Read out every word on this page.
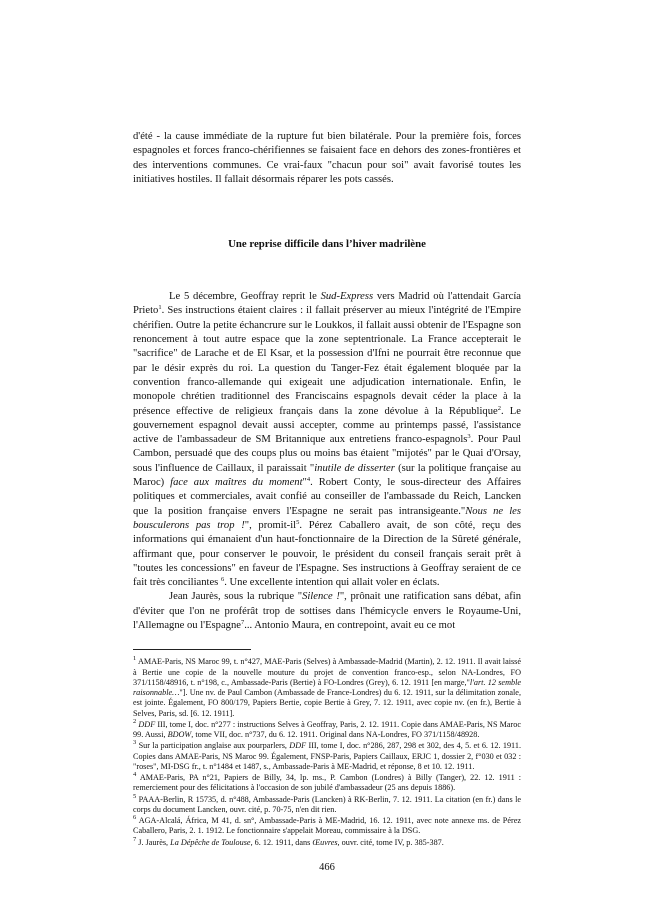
d'été - la cause immédiate de la rupture fut bien bilatérale. Pour la première fois, forces espagnoles et forces franco-chérifiennes se faisaient face en dehors des zones-frontières et des interventions communes. Ce vrai-faux "chacun pour soi" avait favorisé toutes les initiatives hostiles. Il fallait désormais réparer les pots cassés.

Une reprise difficile dans l’hiver madrilène

Le 5 décembre, Geoffray reprit le Sud-Express vers Madrid où l'attendait García Prieto$^1$. Ses instructions étaient claires : il fallait préserver au mieux l'intégrité de l'Empire chérifien. Outre la petite échancrure sur le Loukkos, il fallait aussi obtenir de l'Espagne son renoncement à tout autre espace que la zone septentrionale. La France accepterait le "sacrifice" de Larache et de El Ksar, et la possession d'Ifni ne pourrait être reconnue que par le désir exprès du roi. La question du Tanger-Fez était également bloquée par la convention franco-allemande qui exigeait une adjudication internationale. Enfin, le monopole chrétien traditionnel des Franciscains espagnols devait céder la place à la présence effective de religieux français dans la zone dévolue à la République$^2$. Le gouvernement espagnol devait aussi accepter, comme au printemps passé, l'assistance active de l'ambassadeur de SM Britannique aux entretiens franco-espagnols$^3$. Pour Paul Cambon, persuadé que des coups plus ou moins bas étaient "mijotés" par le Quai d'Orsay, sous l'influence de Caillaux, il paraissait "inutile de disserter (sur la politique française au Maroc) face aux maîtres du moment"$^4$. Robert Conty, le sous-directeur des Affaires politiques et commerciales, avait confié au conseiller de l'ambassade du Reich, Lancken que la position française envers l'Espagne ne serait pas intransigeante."Nous ne les bousculerons pas trop !", promit-$il^5$. Pérez Caballero avait, de son côté, reçu des informations qui émanaient d'un haut-fonctionnaire de la Direction de la Sûreté générale, affirmant que, pour conserver le pouvoir, le président du conseil français serait prêt à "toutes les concessions" en faveur de l'Espagne. Ses instructions à Geoffray seraient de ce fait très conciliantes $^6$. Une excellente intention qui allait voler en éclats.

Jean Jaurès, sous la rubrique "Silence !", prônait une ratification sans débat, afin d'éviter que l'on ne proférât trop de sottises dans l'hémicycle envers le Royaume-Uni, l'Allemagne ou l'Espagne$^7$... Antonio Maura, en contrepoint, avait eu ce mot

$^1$ AMAE-Paris, NS Maroc 99, t. n°427, MAE-Paris (Selves) à Ambassade-Madrid (Martin), 2. 12. 1911. Il avait laissé à Bertie une copie de la nouvelle mouture du projet de convention franco-esp., selon NA-Londres, FO 371/1158/48916, t. n°198, c., Ambassade-Paris (Bertie) à FO-Londres (Grey), 6. 12. 1911 [en marge,"l'art. 12 semble raisonnable…"]. Une nv. de Paul Cambon (Ambassade de France-Londres) du 6. 12. 1911, sur la délimitation zonale, est jointe. Également, FO 800/179, Papiers Bertie, copie Bertie à Grey, 7. 12. 1911, avec copie nv. (en fr.), Bertie à Selves, Paris, sd. [6. 12. 1911].

$^2$ DDF III, tome I, doc. n°277 : instructions Selves à Geoffray, Paris, 2. 12. 1911. Copie dans AMAE-Paris, NS Maroc 99. Aussi, BDOW, tome VII, doc. n°737, du 6. 12. 1911. Original dans NA-Londres, FO 371/1158/48928.

$^3$ Sur la participation anglaise aux pourparlers, DDF III, tome I, doc. n°286, 287, 298 et 302, des 4, 5. et 6. 12. 1911. Copies dans AMAE-Paris, NS Maroc 99. Également, FNSP-Paris, Papiers Caillaux, ERJC 1, dossier 2, f°030 et 032 : "roses", MI-DSG fr., t. n°1484 et 1487, s., Ambassade-Paris à ME-Madrid, et réponse, 8 et 10. 12. 1911.

$^4$ AMAE-Paris, PA n°21, Papiers de Billy, 34, lp. ms., P. Cambon (Londres) à Billy (Tanger), 22. 12. 1911 : remerciement pour des félicitations à l'occasion de son jubilé d'ambassadeur (25 ans depuis 1886).

$^5$ PAAA-Berlin, R 15735, d. n°488, Ambassade-Paris (Lancken) à RK-Berlin, 7. 12. 1911. La citation (en fr.) dans le corps du document Lancken, ouvr. cité, p. 70-75, n'en dit rien.

$^6$ AGA-Alcalá, África, M 41, d. sn°, Ambassade-Paris à ME-Madrid, 16. 12. 1911, avec note annexe ms. de Pérez Caballero, Paris, 2. 1. 1912. Le fonctionnaire s'appelait Moreau, commissaire à la DSG.

$^7$ J. Jaurès, La Dépêche de Toulouse, 6. 12. 1911, dans Œuvres, ouvr. cité, tome IV, p. 385-387.

466
